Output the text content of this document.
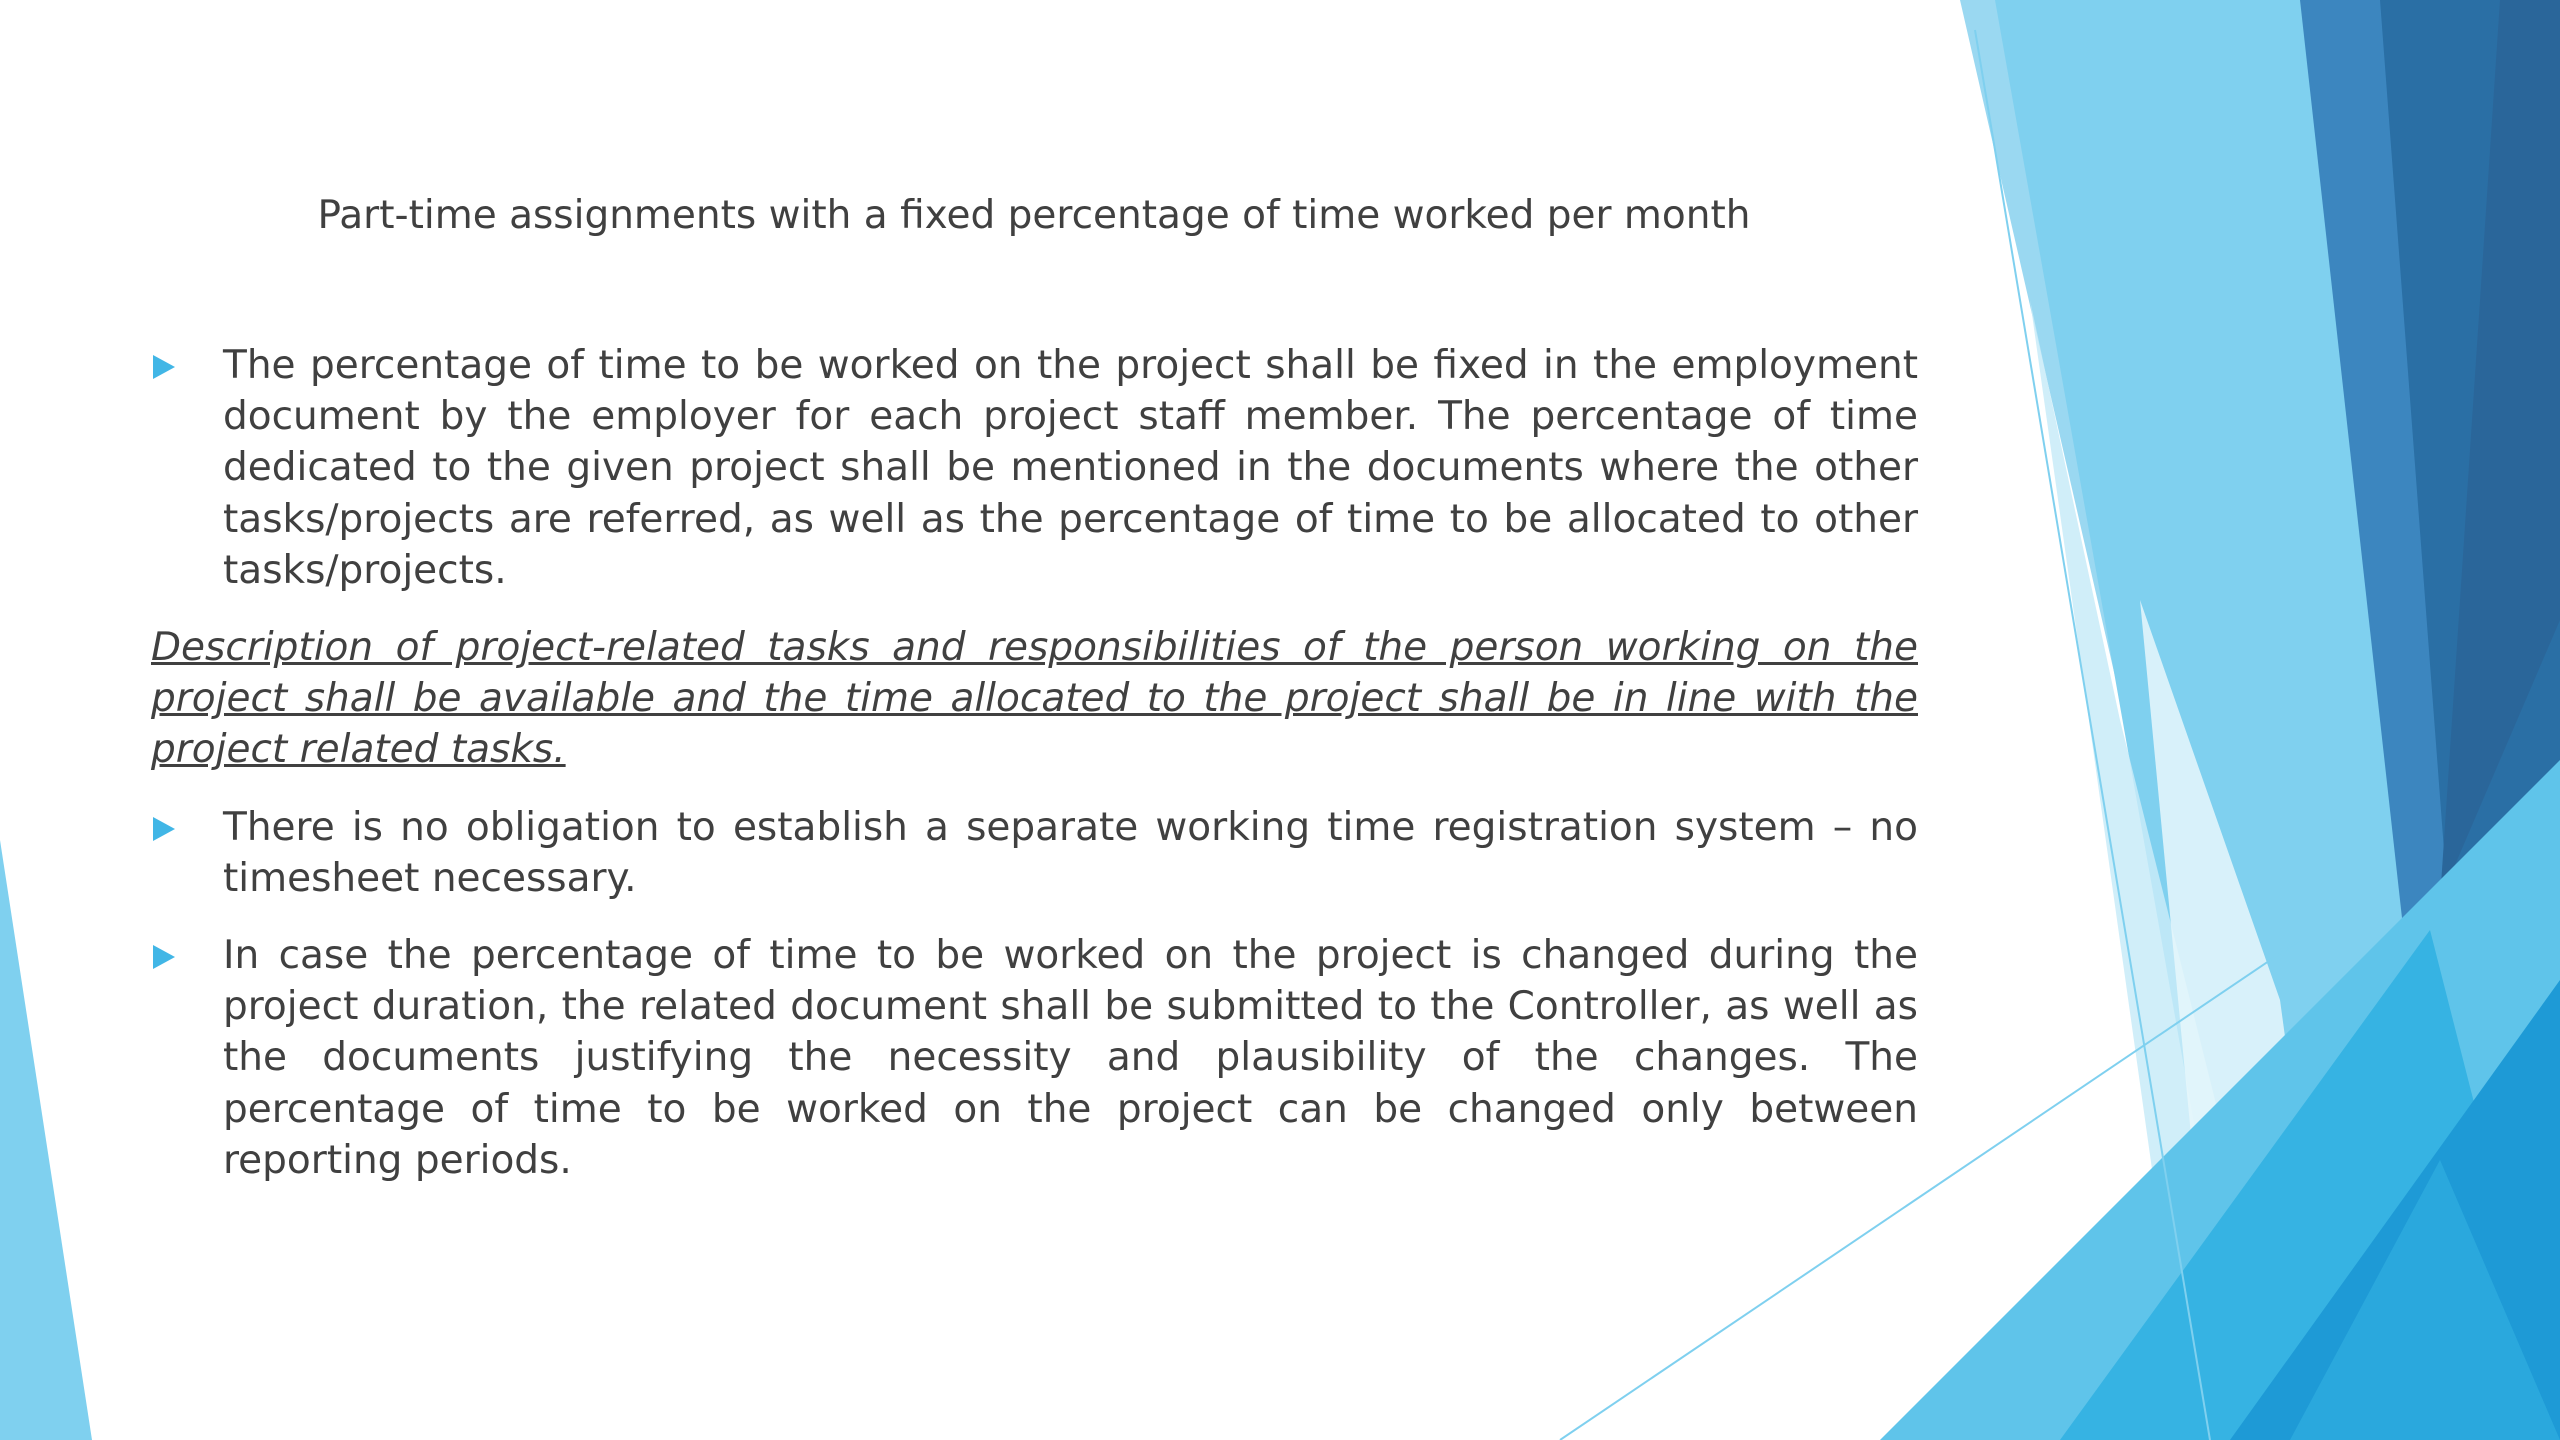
Part-time assignments with a fixed percentage of time worked per month

The percentage of time to be worked on the project shall be fixed in the employment document by the employer for each project staff member. The percentage of time dedicated to the given project shall be mentioned in the documents where the other tasks/projects are referred, as well as the percentage of time to be allocated to other tasks/projects.

Description of project-related tasks and responsibilities of the person working on the project shall be available and the time allocated to the project shall be in line with the project related tasks.

There is no obligation to establish a separate working time registration system – no timesheet necessary.

In case the percentage of time to be worked on the project is changed during the project duration, the related document shall be submitted to the Controller, as well as the documents justifying the necessity and plausibility of the changes. The percentage of time to be worked on the project can be changed only between reporting periods.
